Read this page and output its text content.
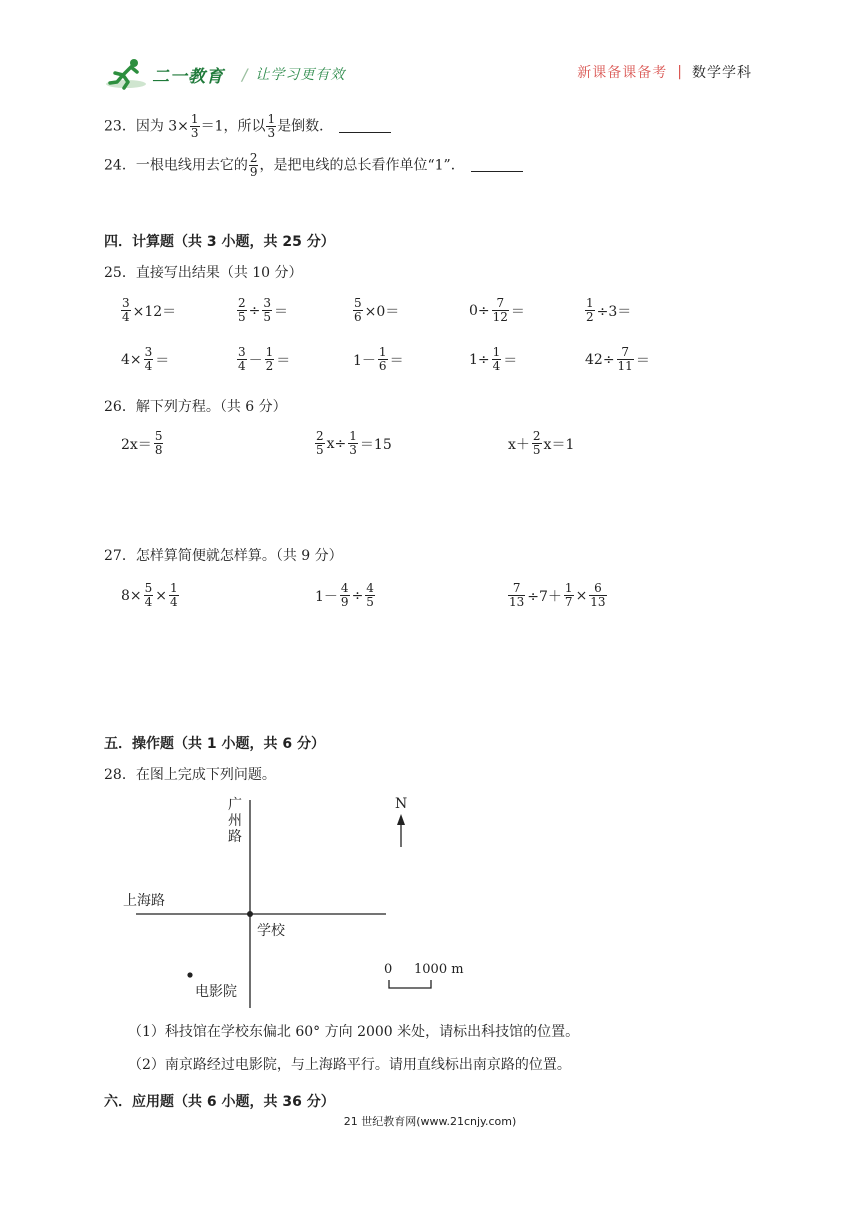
二一教育 / 让学习更有效	新课备课备考 | 数学学科
23．因为 $3\times \frac{1}{3} =1$，所以 $\frac{1}{3}$ 是倒数．
24．一根电线用去它的 $\frac{2}{9}$ ，是把电线的总长看作单位“1”．
四．计算题（共 3 小题，共 25 分）
25．直接写出结果（共 10 分）
$\frac{3}{4} \times 12=$	$\frac{2}{5} \div \frac{3}{5}$ ＝	$\frac{5}{6} \times 0=$	$0\div \frac{7}{12}$ ＝	$\frac{1}{2} \div 3=$
$4\times \frac{3}{4}$ ＝	$\frac{3}{4} - \frac{1}{2}$ ＝	$1- \frac{1}{6}$ ＝	$1\div \frac{1}{4}$ ＝	$42\div \frac{7}{11}$ ＝
26．解下列方程。（共 6 分）
$2x= \frac{5}{8}$	$\frac{2}{5} x\div \frac{1}{3} =15$	$x+ \frac{2}{5} x=1$
27．怎样算简便就怎样算。（共 9 分）
$8\times \frac{5}{4} \times \frac{1}{4}$	$1- \frac{4}{9} \div \frac{4}{5}$	$\frac{7}{13} \div 7+ \frac{1}{7} \times \frac{6}{13}$
五．操作题（共 1 小题，共 6 分）
28．在图上完成下列问题。
广
州
路
上海路
学校
电影院
N
0 1000 m
（1）科技馆在学校东偏北 60° 方向 2000 米处，请标出科技馆的位置。
（2）南京路经过电影院，与上海路平行。请用直线标出南京路的位置。
六．应用题（共 6 小题，共 36 分）
21 世纪教育网(www.21cnjy.com)
